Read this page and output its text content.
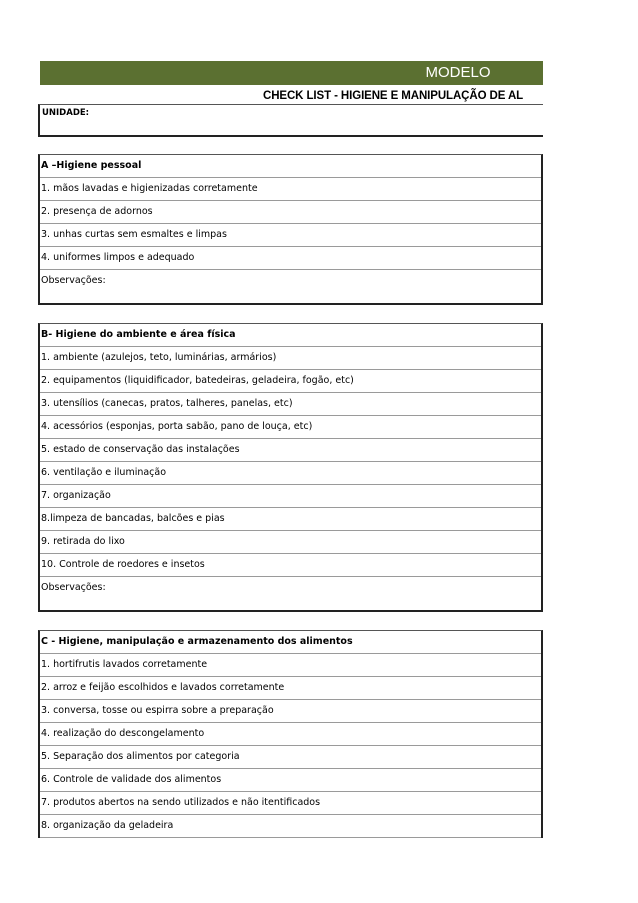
MODELO
CHECK LIST - HIGIENE E MANIPULAÇÃO DE AL
UNIDADE:
A –Higiene pessoal
1. mãos lavadas e higienizadas corretamente
2. presença de adornos
3. unhas curtas sem esmaltes e limpas
4. uniformes limpos e adequado
Observações:
B- Higiene do ambiente e área física
1. ambiente (azulejos, teto, luminárias, armários)
2. equipamentos (liquidificador, batedeiras, geladeira, fogão, etc)
3. utensílios (canecas, pratos, talheres, panelas, etc)
4. acessórios (esponjas, porta sabão, pano de louça, etc)
5. estado de conservação das instalações
6. ventilação e iluminação
7. organização
8.limpeza de bancadas, balcões e pias
9. retirada do lixo
10. Controle de roedores e insetos
Observações:
C - Higiene, manipulação e armazenamento dos alimentos
1. hortifrutis lavados corretamente
2. arroz e feijão escolhidos e lavados corretamente
3. conversa, tosse ou espirra sobre a preparação
4. realização do descongelamento
5. Separação dos alimentos por categoria
6. Controle de validade dos alimentos
7. produtos abertos na sendo utilizados e não itentificados
8. organização da geladeira
